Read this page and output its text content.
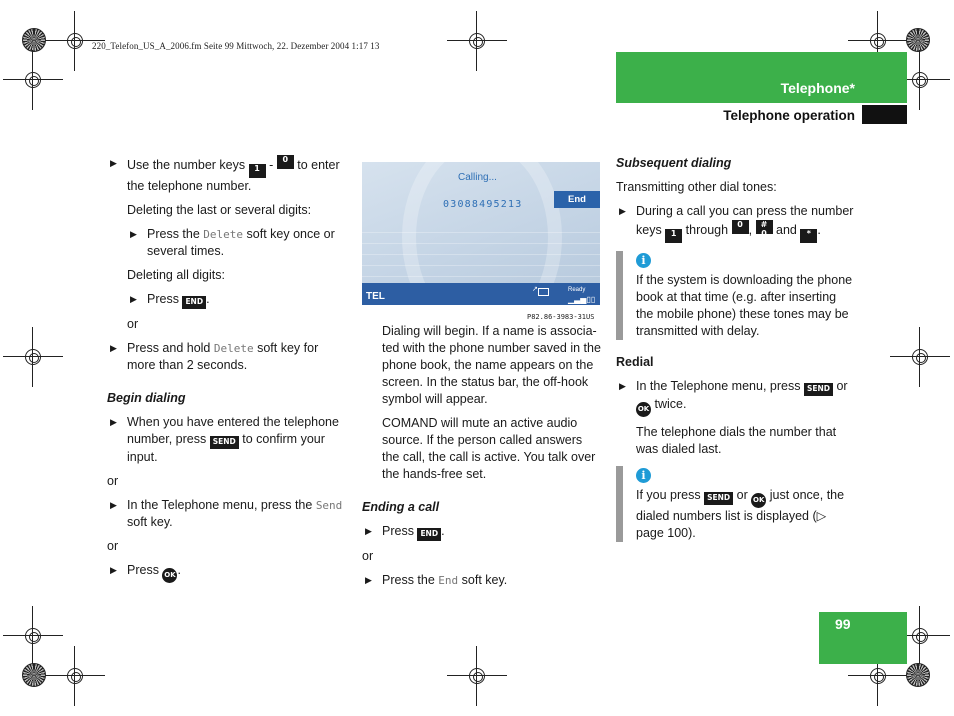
220_Telefon_US_A_2006.fm Seite 99 Mittwoch, 22. Dezember 2004 1:17 13
Telephone*
Telephone operation
▶ Use the number keys 1 - 0
⎵ to enter the telephone number.
Deleting the last or several digits:
▶ Press the Delete soft key once or several times.
Deleting all digits:
▶ Press END .
or
▶ Press and hold Delete soft key for more than 2 seconds.
Begin dialing
▶ When you have entered the telephone number, press SEND to confirm your input.
or
▶ In the Telephone menu, press the Send soft key.
or
▶ Press OK .
Calling...
03088495213	End
TEL
↗	Ready
▁▃▅▯▯
P82.86-3983-31US
Dialing will begin. If a name is associa-ted with the phone number saved in the phone book, the name appears on the screen. In the status bar, the off-hook symbol will appear.
COMAND will mute an active audio source. If the person called answers the call, the call is active. You talk over the hands-free set.
Ending a call
▶ Press END .
or
▶ Press the End soft key.
Subsequent dialing
Transmitting other dial tones:
▶ During a call you can press the number keys 1 through 0
⎵ , #
0 and * .
i
If the system is downloading the phone book at that time (e.g. after inserting the mobile phone) these tones may be transmitted with delay.
Redial
▶ In the Telephone menu, press SEND or OK twice.
The telephone dials the number that was dialed last.
i
If you press SEND or OK just once, the dialed numbers list is displayed (▷ page 100).
99
